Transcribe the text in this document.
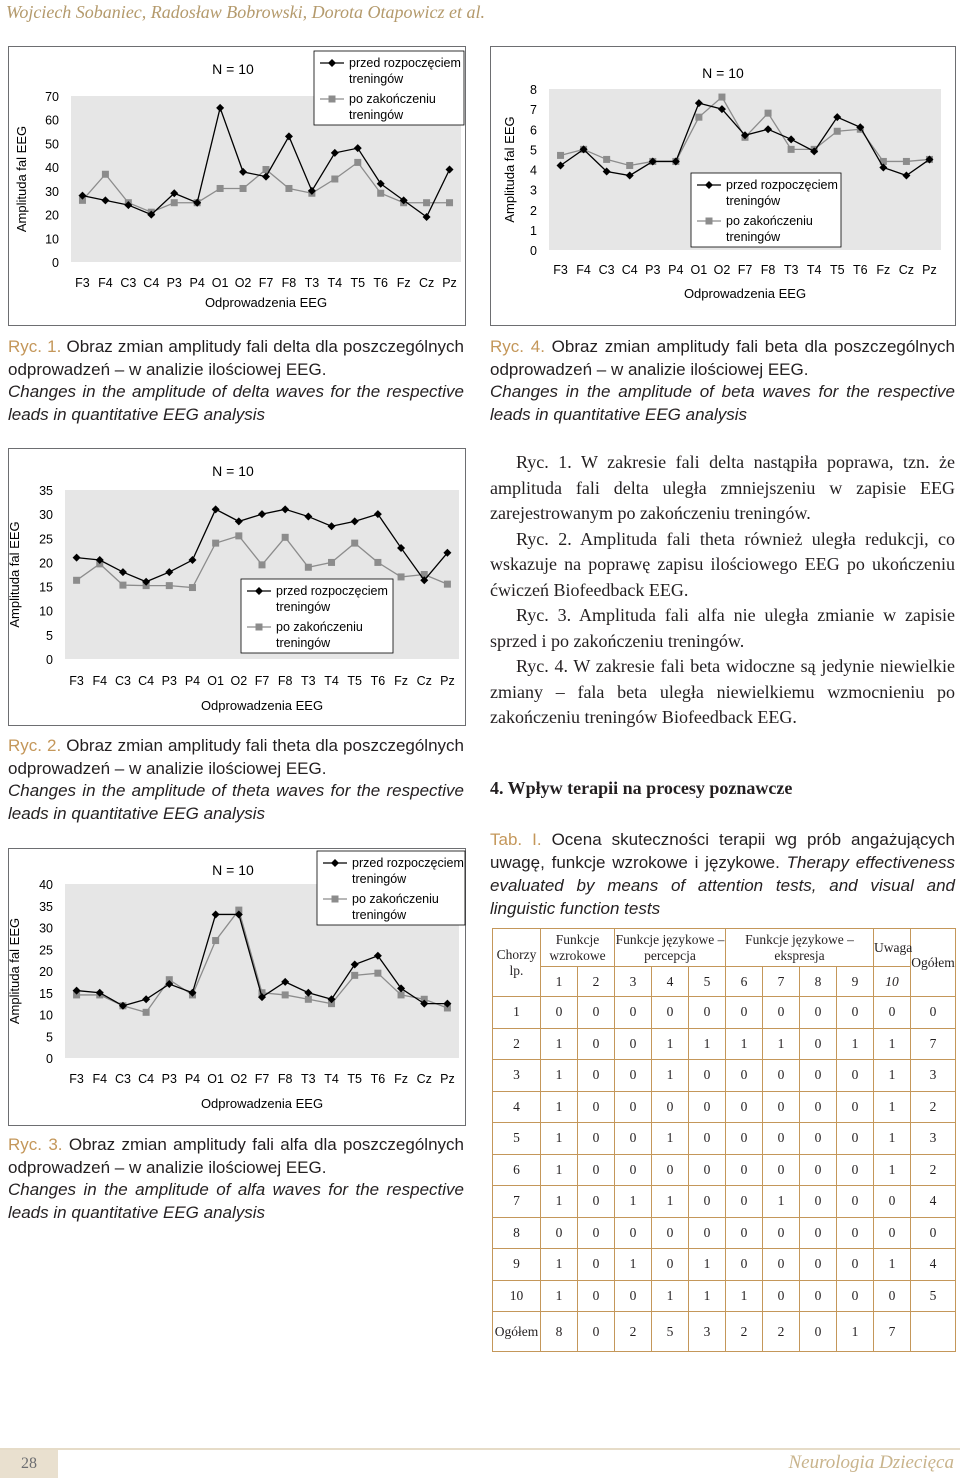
Wojciech Sobaniec, Radosław Bobrowski, Dorota Otapowicz et al.
N = 10
0
10
20
30
40
50
60
70
Amplituda fal EEG
F3 F4 C3 C4 P3 P4 O1 O2 F7 F8 T3 T4 T5 T6 Fz Cz Pz
Odprowadzenia EEG
przed rozpoczęciem
treningów
po zakończeniu
treningów
Ryc. 1. Obraz zmian amplitudy fali delta dla poszczególnych odprowadzeń – w analizie ilościowej EEG.
Changes in the amplitude of delta waves for the respective leads in quantitative EEG analysis
N = 10
0
5
10
15
20
25
30
35
Amplituda fal EEG
F3 F4 C3 C4 P3 P4 O1 O2 F7 F8 T3 T4 T5 T6 Fz Cz Pz
Odprowadzenia EEG
przed rozpoczęciem
treningów
po zakończeniu
treningów
Ryc. 2. Obraz zmian amplitudy fali theta dla poszczególnych odprowadzeń – w analizie ilościowej EEG.
Changes in the amplitude of theta waves for the respective leads in quantitative EEG analysis
N = 10
0
5
10
15
20
25
30
35
40
Amplituda fal EEG
F3 F4 C3 C4 P3 P4 O1 O2 F7 F8 T3 T4 T5 T6 Fz Cz Pz
Odprowadzenia EEG
przed rozpoczęciem
treningów
po zakończeniu
treningów
Ryc. 3. Obraz zmian amplitudy fali alfa dla poszczególnych odprowadzeń – w analizie ilościowej EEG.
Changes in the amplitude of alfa waves for the respective leads in quantitative EEG analysis
N = 10
0
1
2
3
4
5
6
7
8
Amplituda fal EEG
F3 F4 C3 C4 P3 P4 O1 O2 F7 F8 T3 T4 T5 T6 Fz Cz Pz
Odprowadzenia EEG
przed rozpoczęciem
treningów
po zakończeniu
treningów
Ryc. 4. Obraz zmian amplitudy fali beta dla poszczególnych odprowadzeń – w analizie ilościowej EEG.
Changes in the amplitude of beta waves for the respective leads in quantitative EEG analysis

Ryc. 1. W zakresie fali delta nastąpiła poprawa, tzn. że amplituda fali delta uległa zmniejszeniu w zapisie EEG zarejestrowanym po zakończeniu treningów.

Ryc. 2. Amplituda fali theta również uległa redukcji, co wskazuje na poprawę zapisu ilościowego EEG po ukończeniu ćwiczeń Biofeedback EEG.

Ryc. 3. Amplituda fali alfa nie uległa zmianie w zapisie sprzed i po zakończeniu treningów.

Ryc. 4. W zakresie fali beta widoczne są jedynie niewielkie zmiany – fala beta uległa niewielkiemu wzmocnieniu po zakończeniu treningów Biofeedback EEG.

4. Wpływ terapii na procesy poznawcze
Tab. I. Ocena skuteczności terapii wg prób angażujących uwagę, funkcje wzrokowe i językowe. Therapy effectiveness evaluated by means of attention tests, and visual and linguistic function tests
Chorzy lp.	Funkcje wzrokowe		Funkcje językowe – percepcja			Funkcje językowe – ekspresja				Uwaga	Ogółem
	1	2	3	4	5	6	7	8	9	10	
1	0	0	0	0	0	0	0	0	0	0	0
2	1	0	0	1	1	1	1	0	1	1	7
3	1	0	0	1	0	0	0	0	0	1	3
4	1	0	0	0	0	0	0	0	0	1	2
5	1	0	0	1	0	0	0	0	0	1	3
6	1	0	0	0	0	0	0	0	0	1	2
7	1	0	1	1	0	0	1	0	0	0	4
8	0	0	0	0	0	0	0	0	0	0	0
9	1	0	1	0	1	0	0	0	0	1	4
10	1	0	0	1	1	1	0	0	0	0	5
Ogółem	8	0	2	5	3	2	2	0	1	7	
28	Neurologia Dziecięca
